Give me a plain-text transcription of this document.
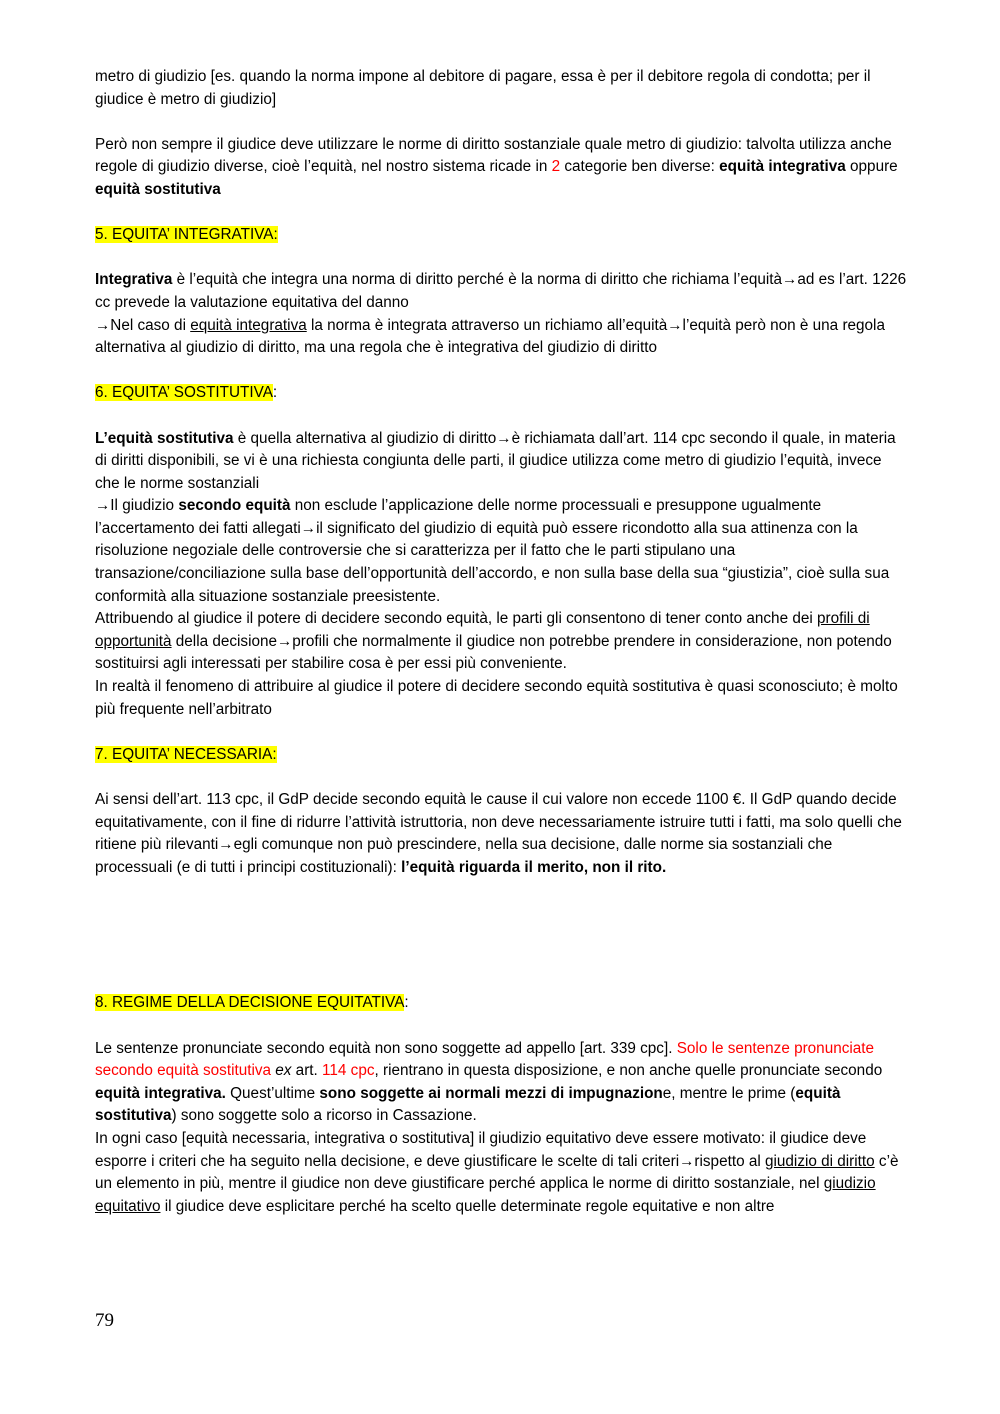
metro di giudizio [es. quando la norma impone al debitore di pagare, essa è per il debitore regola di condotta; per il giudice è metro di giudizio]

Però non sempre il giudice deve utilizzare le norme di diritto sostanziale quale metro di giudizio: talvolta utilizza anche regole di giudizio diverse, cioè l’equità, nel nostro sistema ricade in 2 categorie ben diverse: equità integrativa oppure equità sostitutiva

5. EQUITA’ INTEGRATIVA:

Integrativa è l’equità che integra una norma di diritto perché è la norma di diritto che richiama l’equità→ad es l’art. 1226 cc prevede la valutazione equitativa del danno

→Nel caso di equità integrativa la norma è integrata attraverso un richiamo all’equità→l’equità però non è una regola alternativa al giudizio di diritto, ma una regola che è integrativa del giudizio di diritto

6. EQUITA’ SOSTITUTIVA:

L’equità sostitutiva è quella alternativa al giudizio di diritto→è richiamata dall’art. 114 cpc secondo il quale, in materia di diritti disponibili, se vi è una richiesta congiunta delle parti, il giudice utilizza come metro di giudizio l’equità, invece che le norme sostanziali

→Il giudizio secondo equità non esclude l’applicazione delle norme processuali e presuppone ugualmente l’accertamento dei fatti allegati→il significato del giudizio di equità può essere ricondotto alla sua attinenza con la risoluzione negoziale delle controversie che si caratterizza per il fatto che le parti stipulano una transazione/conciliazione sulla base dell’opportunità dell’accordo, e non sulla base della sua “giustizia”, cioè sulla sua conformità alla situazione sostanziale preesistente.

Attribuendo al giudice il potere di decidere secondo equità, le parti gli consentono di tener conto anche dei profili di opportunità della decisione→profili che normalmente il giudice non potrebbe prendere in considerazione, non potendo sostituirsi agli interessati per stabilire cosa è per essi più conveniente.

In realtà il fenomeno di attribuire al giudice il potere di decidere secondo equità sostitutiva è quasi sconosciuto; è molto più frequente nell’arbitrato

7. EQUITA’ NECESSARIA:

Ai sensi dell’art. 113 cpc, il GdP decide secondo equità le cause il cui valore non eccede 1100 €. Il GdP quando decide equitativamente, con il fine di ridurre l’attività istruttoria, non deve necessariamente istruire tutti i fatti, ma solo quelli che ritiene più rilevanti→egli comunque non può prescindere, nella sua decisione, dalle norme sia sostanziali che processuali (e di tutti i principi costituzionali): l’equità riguarda il merito, non il rito.

8. REGIME DELLA DECISIONE EQUITATIVA:

Le sentenze pronunciate secondo equità non sono soggette ad appello [art. 339 cpc]. Solo le sentenze pronunciate secondo equità sostitutiva ex art. 114 cpc, rientrano in questa disposizione, e non anche quelle pronunciate secondo equità integrativa. Quest’ultime sono soggette ai normali mezzi di impugnazione, mentre le prime (equità sostitutiva) sono soggette solo a ricorso in Cassazione.

In ogni caso [equità necessaria, integrativa o sostitutiva] il giudizio equitativo deve essere motivato: il giudice deve esporre i criteri che ha seguito nella decisione, e deve giustificare le scelte di tali criteri→rispetto al giudizio di diritto c’è un elemento in più, mentre il giudice non deve giustificare perché applica le norme di diritto sostanziale, nel giudizio equitativo il giudice deve esplicitare perché ha scelto quelle determinate regole equitative e non altre

79
